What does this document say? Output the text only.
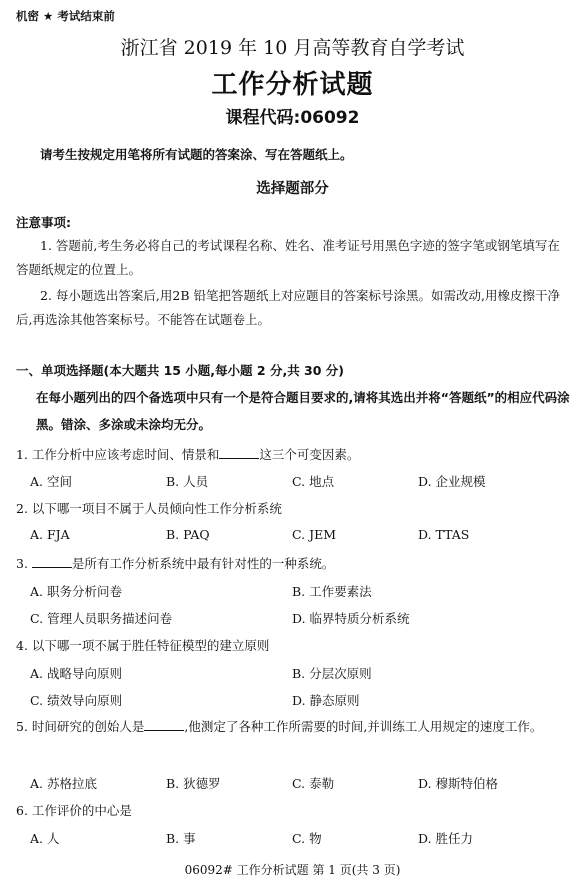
机密 ★ 考试结束前
浙江省 2019 年 10 月高等教育自学考试
工作分析试题
课程代码:06092
请考生按规定用笔将所有试题的答案涂、写在答题纸上。
选择题部分
注意事项:
1. 答题前,考生务必将自己的考试课程名称、姓名、准考证号用黑色字迹的签字笔或钢笔填写在答题纸规定的位置上。
2. 每小题选出答案后,用2B 铅笔把答题纸上对应题目的答案标号涂黑。如需改动,用橡皮擦干净后,再选涂其他答案标号。不能答在试题卷上。
一、单项选择题(本大题共 15 小题,每小题 2 分,共 30 分)
在每小题列出的四个备选项中只有一个是符合题目要求的,请将其选出并将“答题纸”的相应代码涂黑。错涂、多涂或未涂均无分。
1. 工作分析中应该考虑时间、情景和	这三个可变因素。
A. 空间	B. 人员	C. 地点	D. 企业规模
2. 以下哪一项目不属于人员倾向性工作分析系统
A. FJA	B. PAQ	C. JEM	D. TTAS
3.	是所有工作分析系统中最有针对性的一种系统。
A. 职务分析问卷	B. 工作要素法
C. 管理人员职务描述问卷	D. 临界特质分析系统
4. 以下哪一项不属于胜任特征模型的建立原则
A. 战略导向原则	B. 分层次原则
C. 绩效导向原则	D. 静态原则
5. 时间研究的创始人是	,他测定了各种工作所需要的时间,并训练工人用规定的速度工作。
A. 苏格拉底	B. 狄德罗	C. 泰勒	D. 穆斯特伯格
6. 工作评价的中心是
A. 人	B. 事	C. 物	D. 胜任力
06092# 工作分析试题 第 1 页(共 3 页)
